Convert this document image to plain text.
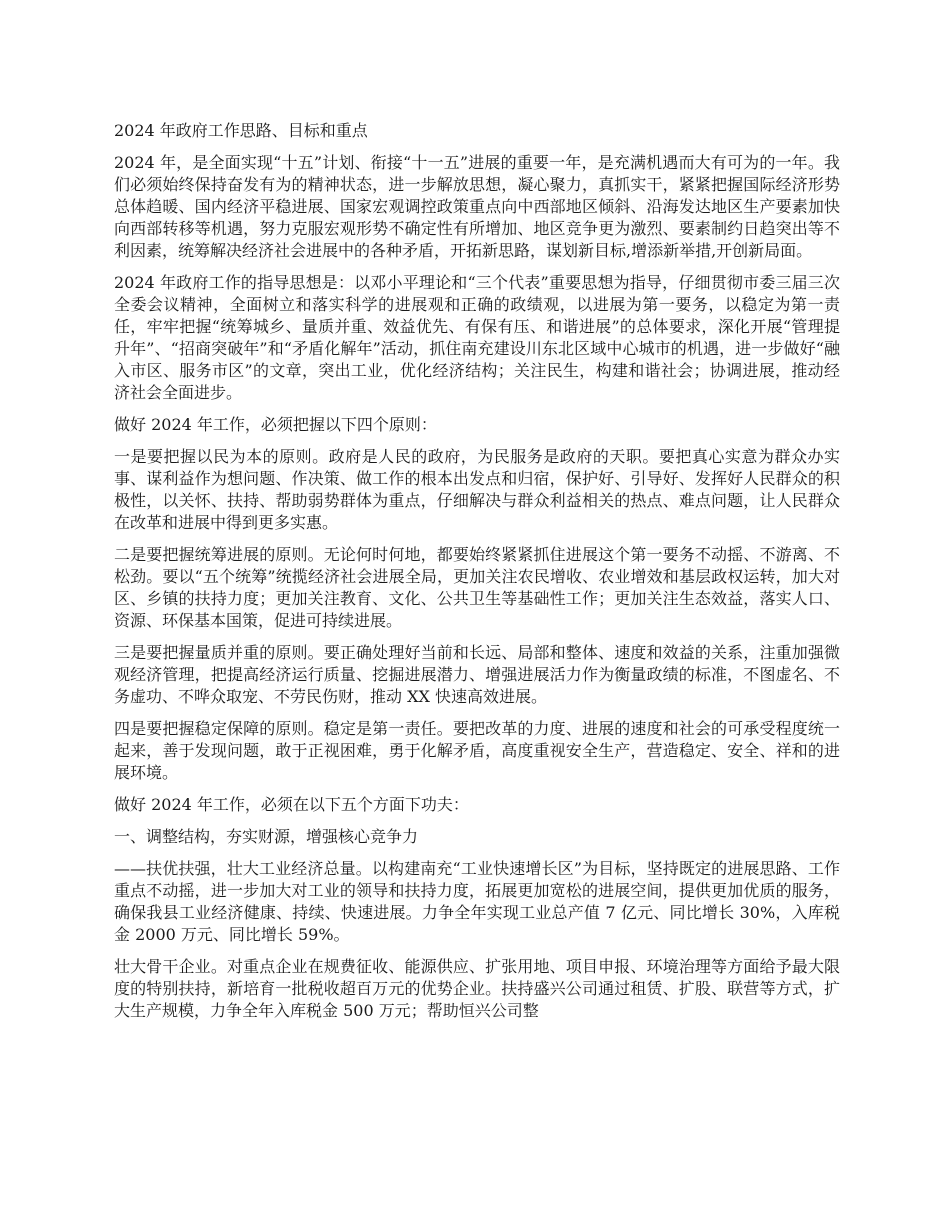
2024 年政府工作思路、目标和重点

2024 年，是全面实现“十五”计划、衔接“十一五”进展的重要一年，是充满机遇而大有可为的一年。我们必须始终保持奋发有为的精神状态，进一步解放思想，凝心聚力，真抓实干，紧紧把握国际经济形势总体趋暖、国内经济平稳进展、国家宏观调控政策重点向中西部地区倾斜、沿海发达地区生产要素加快向西部转移等机遇，努力克服宏观形势不确定性有所增加、地区竞争更为激烈、要素制约日趋突出等不利因素，统筹解决经济社会进展中的各种矛盾，开拓新思路，谋划新目标,增添新举措,开创新局面。

2024 年政府工作的指导思想是：以邓小平理论和“三个代表”重要思想为指导，仔细贯彻市委三届三次全委会议精神，全面树立和落实科学的进展观和正确的政绩观，以进展为第一要务，以稳定为第一责任，牢牢把握“统筹城乡、量质并重、效益优先、有保有压、和谐进展”的总体要求，深化开展“管理提升年”、“招商突破年”和“矛盾化解年”活动，抓住南充建设川东北区域中心城市的机遇，进一步做好“融入市区、服务市区”的文章，突出工业，优化经济结构；关注民生，构建和谐社会；协调进展，推动经济社会全面进步。

做好 2024 年工作，必须把握以下四个原则：

一是要把握以民为本的原则。政府是人民的政府，为民服务是政府的天职。要把真心实意为群众办实事、谋利益作为想问题、作决策、做工作的根本出发点和归宿，保护好、引导好、发挥好人民群众的积极性，以关怀、扶持、帮助弱势群体为重点，仔细解决与群众利益相关的热点、难点问题，让人民群众在改革和进展中得到更多实惠。

二是要把握统筹进展的原则。无论何时何地，都要始终紧紧抓住进展这个第一要务不动摇、不游离、不松劲。要以“五个统筹”统揽经济社会进展全局，更加关注农民增收、农业增效和基层政权运转，加大对区、乡镇的扶持力度；更加关注教育、文化、公共卫生等基础性工作；更加关注生态效益，落实人口、资源、环保基本国策，促进可持续进展。

三是要把握量质并重的原则。要正确处理好当前和长远、局部和整体、速度和效益的关系，注重加强微观经济管理，把提高经济运行质量、挖掘进展潜力、增强进展活力作为衡量政绩的标准，不图虚名、不务虚功、不哗众取宠、不劳民伤财，推动 XX 快速高效进展。

四是要把握稳定保障的原则。稳定是第一责任。要把改革的力度、进展的速度和社会的可承受程度统一起来，善于发现问题，敢于正视困难，勇于化解矛盾，高度重视安全生产，营造稳定、安全、祥和的进展环境。

做好 2024 年工作，必须在以下五个方面下功夫：

一、调整结构，夯实财源，增强核心竞争力

——扶优扶强，壮大工业经济总量。以构建南充“工业快速增长区”为目标，坚持既定的进展思路、工作重点不动摇，进一步加大对工业的领导和扶持力度，拓展更加宽松的进展空间，提供更加优质的服务，确保我县工业经济健康、持续、快速进展。力争全年实现工业总产值 7 亿元、同比增长 30%，入库税金 2000 万元、同比增长 59%。

壮大骨干企业。对重点企业在规费征收、能源供应、扩张用地、项目申报、环境治理等方面给予最大限度的特别扶持，新培育一批税收超百万元的优势企业。扶持盛兴公司通过租赁、扩股、联营等方式，扩大生产规模，力争全年入库税金 500 万元；帮助恒兴公司整
